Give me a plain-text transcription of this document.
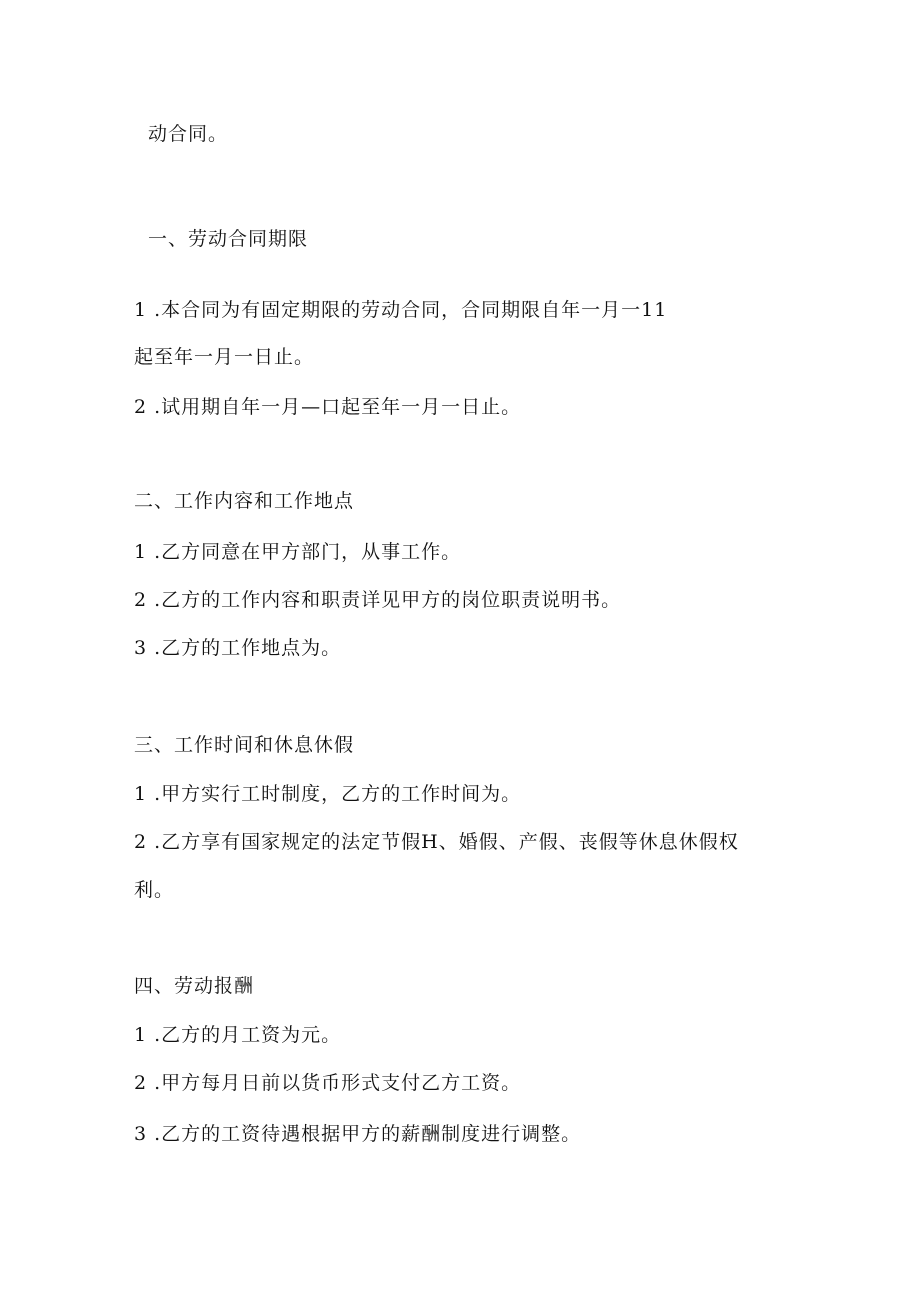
动合同。
一、劳动合同期限
1 .本合同为有固定期限的劳动合同，合同期限自年一月一11
起至年一月一日止。
2 .试用期自年一月—口起至年一月一日止。
二、工作内容和工作地点
1 .乙方同意在甲方部门，从事工作。
2 .乙方的工作内容和职责详见甲方的岗位职责说明书。
3 .乙方的工作地点为。
三、工作时间和休息休假
1 .甲方实行工时制度，乙方的工作时间为。
2 .乙方享有国家规定的法定节假H、婚假、产假、丧假等休息休假权
利。
四、劳动报酬
1 .乙方的月工资为元。
2 .甲方每月日前以货币形式支付乙方工资。
3 .乙方的工资待遇根据甲方的薪酬制度进行调整。
